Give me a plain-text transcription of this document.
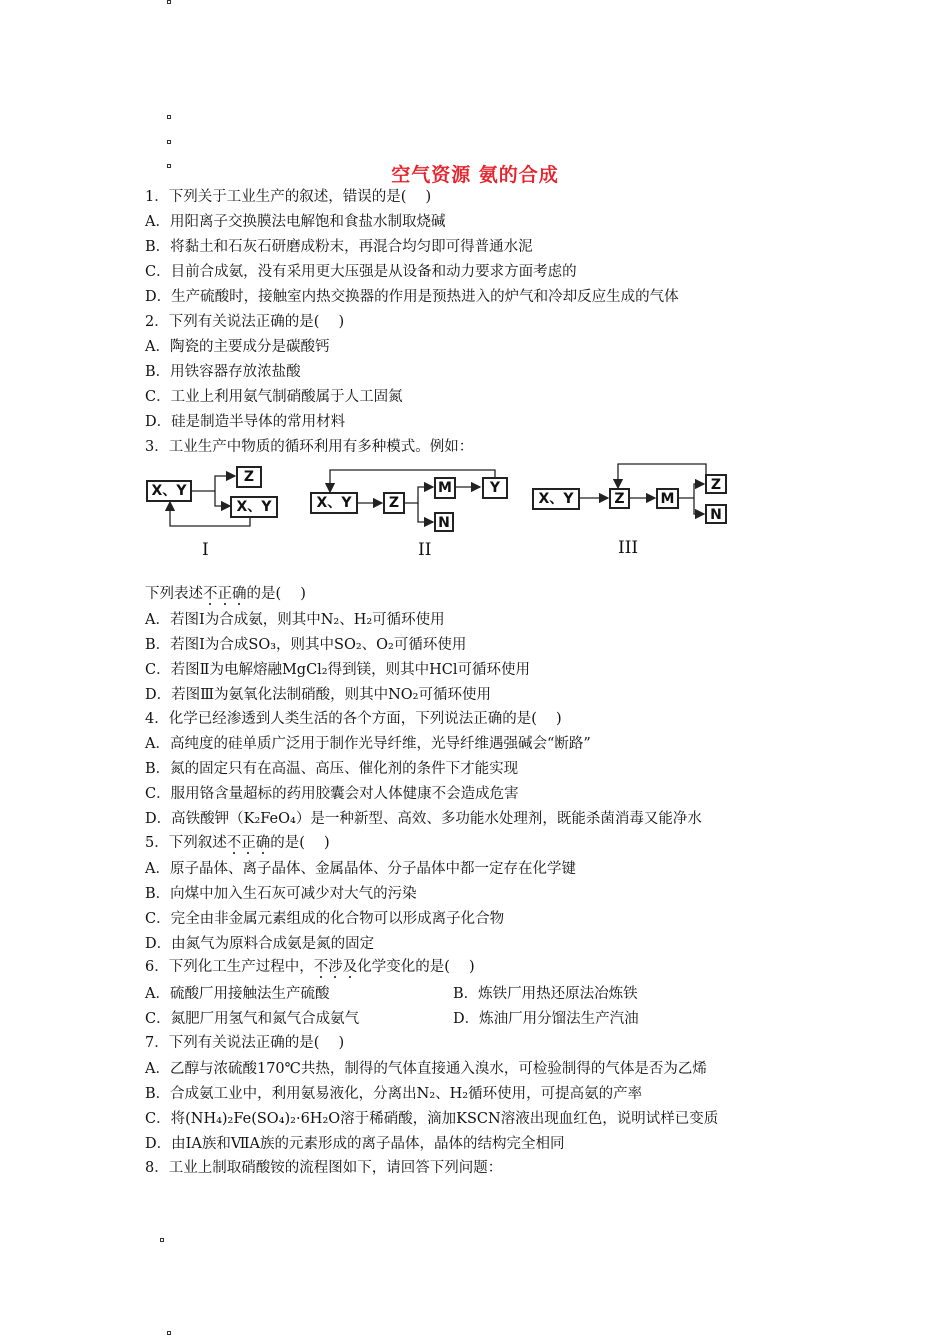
空气资源 氨的合成
1．下列关于工业生产的叙述，错误的是(　 )
A．用阳离子交换膜法电解饱和食盐水制取烧碱
B．将黏土和石灰石研磨成粉末，再混合均匀即可得普通水泥
C．目前合成氨，没有采用更大压强是从设备和动力要求方面考虑的
D．生产硫酸时，接触室内热交换器的作用是预热进入的炉气和冷却反应生成的气体
2．下列有关说法正确的是(　 )
A．陶瓷的主要成分是碳酸钙
B．用铁容器存放浓盐酸
C．工业上利用氨气制硝酸属于人工固氮
D．硅是制造半导体的常用材料
3．工业生产中物质的循环利用有多种模式。例如：
X、Y
Z
X、Y
I
X、Y	Z
M
N
Y
II
X、Y	Z	M
Z
N
III
下列表述不正确的是(　 )
A．若图Ⅰ为合成氨，则其中N₂、H₂可循环使用
B．若图Ⅰ为合成SO₃，则其中SO₂、O₂可循环使用
C．若图Ⅱ为电解熔融MgCl₂得到镁，则其中HCl可循环使用
D．若图Ⅲ为氨氧化法制硝酸，则其中NO₂可循环使用
4．化学已经渗透到人类生活的各个方面，下列说法正确的是(　 )
A．高纯度的硅单质广泛用于制作光导纤维，光导纤维遇强碱会“断路”
B．氮的固定只有在高温、高压、催化剂的条件下才能实现
C．服用铬含量超标的药用胶囊会对人体健康不会造成危害
D．高铁酸钾（K₂FeO₄）是一种新型、高效、多功能水处理剂，既能杀菌消毒又能净水
5．下列叙述不正确的是(　 )
A．原子晶体、离子晶体、金属晶体、分子晶体中都一定存在化学键
B．向煤中加入生石灰可减少对大气的污染
C．完全由非金属元素组成的化合物可以形成离子化合物
D．由氮气为原料合成氨是氮的固定
6．下列化工生产过程中，不涉及化学变化的是(　 )
A．硫酸厂用接触法生产硫酸	B．炼铁厂用热还原法冶炼铁
C．氮肥厂用氢气和氮气合成氨气	D．炼油厂用分馏法生产汽油
7．下列有关说法正确的是(　 )
A．乙醇与浓硫酸170℃共热，制得的气体直接通入溴水，可检验制得的气体是否为乙烯
B．合成氨工业中，利用氨易液化，分离出N₂、H₂循环使用，可提高氨的产率
C．将(NH₄)₂Fe(SO₄)₂·6H₂O溶于稀硝酸，滴加KSCN溶液出现血红色，说明试样已变质
D．由ⅠA族和ⅦA族的元素形成的离子晶体，晶体的结构完全相同
8．工业上制取硝酸铵的流程图如下，请回答下列问题：
